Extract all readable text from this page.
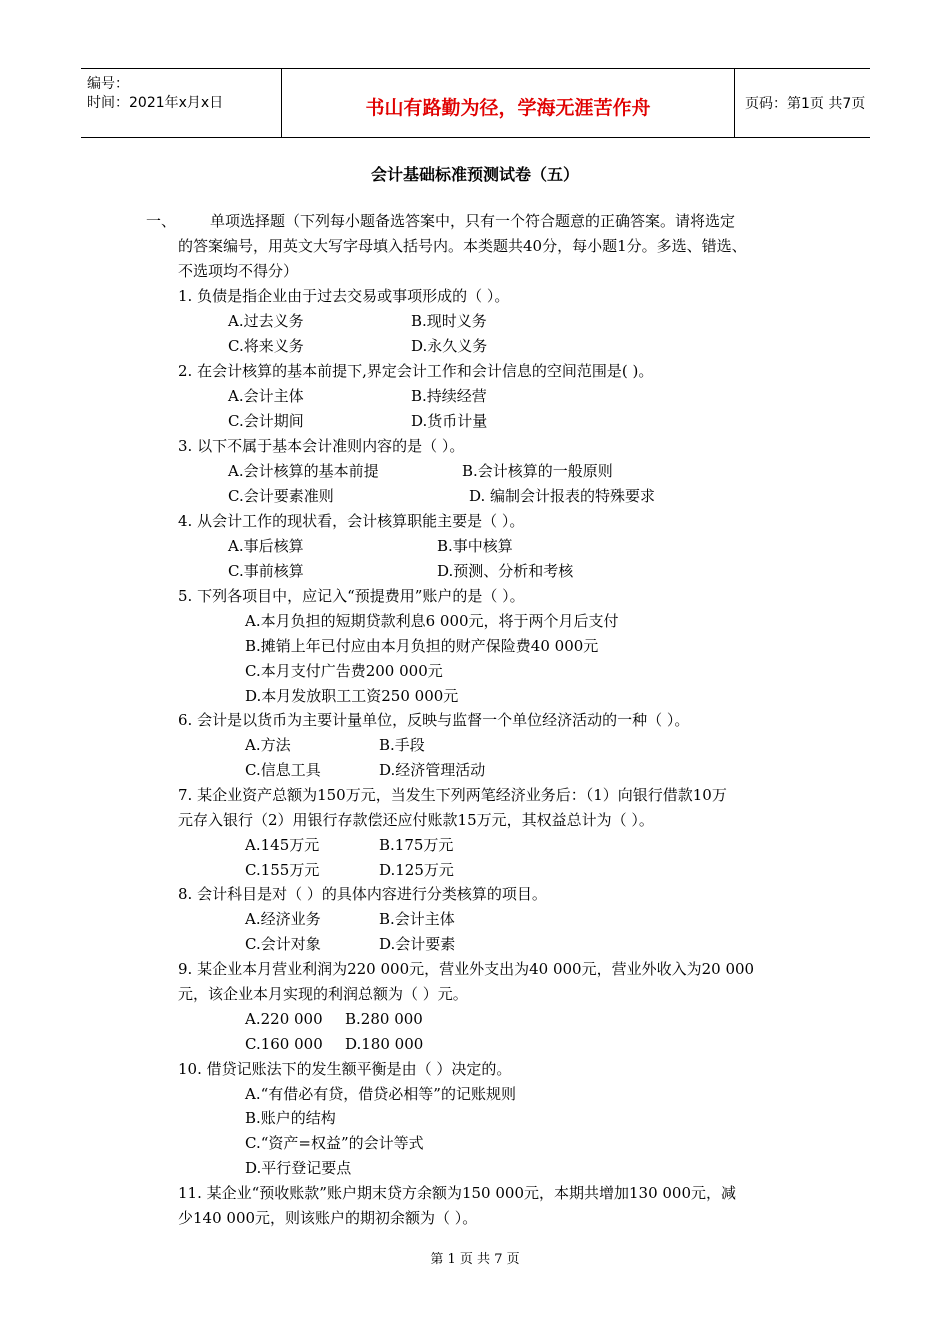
编号：
时间：2021年x月x日	书山有路勤为径，学海无涯苦作舟	页码：第1页 共7页
会计基础标准预测试卷（五）
一、 单项选择题（下列每小题备选答案中，只有一个符合题意的正确答案。请将选定
的答案编号，用英文大写字母填入括号内。本类题共40分，每小题1分。多选、错选、
不选项均不得分）
1. 负债是指企业由于过去交易或事项形成的（ ）。
A.过去义务	B.现时义务
C.将来义务	D.永久义务
2. 在会计核算的基本前提下,界定会计工作和会计信息的空间范围是( )。
A.会计主体	B.持续经营
C.会计期间	D.货币计量
3. 以下不属于基本会计准则内容的是（ ）。
A.会计核算的基本前提	B.会计核算的一般原则
C.会计要素准则	D. 编制会计报表的特殊要求
4. 从会计工作的现状看，会计核算职能主要是（ ）。
A.事后核算	B.事中核算
C.事前核算	D.预测、分析和考核
5. 下列各项目中，应记入“预提费用”账户的是（ ）。
A.本月负担的短期贷款利息6 000元，将于两个月后支付
B.摊销上年已付应由本月负担的财产保险费40 000元
C.本月支付广告费200 000元
D.本月发放职工工资250 000元
6. 会计是以货币为主要计量单位，反映与监督一个单位经济活动的一种（ ）。
A.方法	B.手段
C.信息工具	D.经济管理活动
7. 某企业资产总额为150万元，当发生下列两笔经济业务后：（1）向银行借款10万
元存入银行（2）用银行存款偿还应付账款15万元，其权益总计为（ ）。
A.145万元	B.175万元
C.155万元	D.125万元
8. 会计科目是对（ ）的具体内容进行分类核算的项目。
A.经济业务	B.会计主体
C.会计对象	D.会计要素
9. 某企业本月营业利润为220 000元，营业外支出为40 000元，营业外收入为20 000
元，该企业本月实现的利润总额为（ ）元。
A.220 000 B.280 000
C.160 000 D.180 000
10. 借贷记账法下的发生额平衡是由（ ）决定的。
A.“有借必有贷，借贷必相等”的记账规则
B.账户的结构
C.“资产=权益”的会计等式
D.平行登记要点
11. 某企业“预收账款”账户期末贷方余额为150 000元，本期共增加130 000元，减
少140 000元，则该账户的期初余额为（ ）。
第 1 页 共 7 页
